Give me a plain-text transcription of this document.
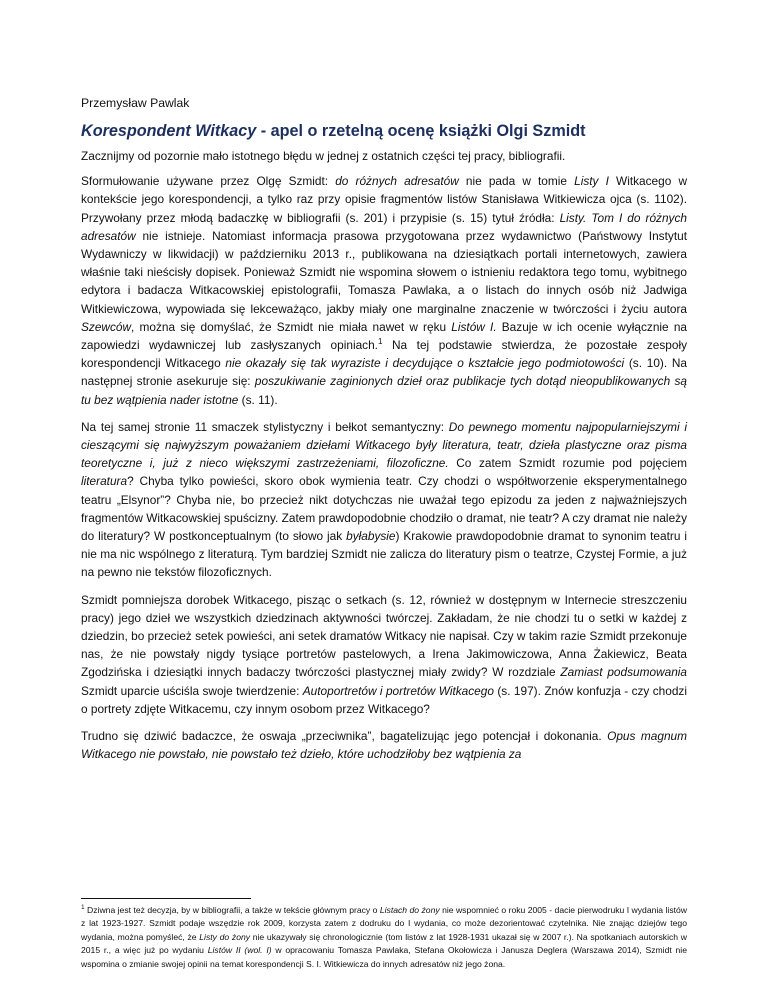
Przemysław Pawlak
Korespondent Witkacy - apel o rzetelną ocenę książki Olgi Szmidt

Zacznijmy od pozornie mało istotnego błędu w jednej z ostatnich części tej pracy, bibliografii.

Sformułowanie używane przez Olgę Szmidt: do różnych adresatów nie pada w tomie Listy I Witkacego w kontekście jego korespondencji, a tylko raz przy opisie fragmentów listów Stanisława Witkiewicza ojca (s. 1102). Przywołany przez młodą badaczkę w bibliografii (s. 201) i przypisie (s. 15) tytuł źródła: Listy. Tom I do różnych adresatów nie istnieje. Natomiast informacja prasowa przygotowana przez wydawnictwo (Państwowy Instytut Wydawniczy w likwidacji) w październiku 2013 r., publikowana na dziesiątkach portali internetowych, zawiera właśnie taki nieścisły dopisek. Ponieważ Szmidt nie wspomina słowem o istnieniu redaktora tego tomu, wybitnego edytora i badacza Witkacowskiej epistolografii, Tomasza Pawlaka, a o listach do innych osób niż Jadwiga Witkiewiczowa, wypowiada się lekceważąco, jakby miały one marginalne znaczenie w twórczości i życiu autora Szewców, można się domyślać, że Szmidt nie miała nawet w ręku Listów I. Bazuje w ich ocenie wyłącznie na zapowiedzi wydawniczej lub zasłyszanych opiniach.$^1$ Na tej podstawie stwierdza, że pozostałe zespoły korespondencji Witkacego nie okazały się tak wyraziste i decydujące o kształcie jego podmiotowości (s. 10). Na następnej stronie asekuruje się: poszukiwanie zaginionych dzieł oraz publikacje tych dotąd nieopublikowanych są tu bez wątpienia nader istotne (s. 11).

Na tej samej stronie 11 smaczek stylistyczny i bełkot semantyczny: Do pewnego momentu najpopularniejszymi i cieszącymi się najwyższym poważaniem dziełami Witkacego były literatura, teatr, dzieła plastyczne oraz pisma teoretyczne i, już z nieco większymi zastrzeżeniami, filozoficzne. Co zatem Szmidt rozumie pod pojęciem literatura? Chyba tylko powieści, skoro obok wymienia teatr. Czy chodzi o współtworzenie eksperymentalnego teatru „Elsynor”? Chyba nie, bo przecież nikt dotychczas nie uważał tego epizodu za jeden z najważniejszych fragmentów Witkacowskiej spuścizny. Zatem prawdopodobnie chodziło o dramat, nie teatr? A czy dramat nie należy do literatury? W postkonceptualnym (to słowo jak byłabysie) Krakowie prawdopodobnie dramat to synonim teatru i nie ma nic wspólnego z literaturą. Tym bardziej Szmidt nie zalicza do literatury pism o teatrze, Czystej Formie, a już na pewno nie tekstów filozoficznych.

Szmidt pomniejsza dorobek Witkacego, pisząc o setkach (s. 12, również w dostępnym w Internecie streszczeniu pracy) jego dzieł we wszystkich dziedzinach aktywności twórczej. Zakładam, że nie chodzi tu o setki w każdej z dziedzin, bo przecież setek powieści, ani setek dramatów Witkacy nie napisał. Czy w takim razie Szmidt przekonuje nas, że nie powstały nigdy tysiące portretów pastelowych, a Irena Jakimowiczowa, Anna Żakiewicz, Beata Zgodzińska i dziesiątki innych badaczy twórczości plastycznej miały zwidy? W rozdziale Zamiast podsumowania Szmidt uparcie uściśla swoje twierdzenie: Autoportretów i portretów Witkacego (s. 197). Znów konfuzja - czy chodzi o portrety zdjęte Witkacemu, czy innym osobom przez Witkacego?

Trudno się dziwić badaczce, że oswaja „przeciwnika”, bagatelizując jego potencjał i dokonania. Opus magnum Witkacego nie powstało, nie powstało też dzieło, które uchodziłoby bez wątpienia za

$^1$ Dziwna jest też decyzja, by w bibliografii, a także w tekście głównym pracy o Listach do żony nie wspomnieć o roku 2005 - dacie pierwodruku I wydania listów z lat 1923-1927. Szmidt podaje wszędzie rok 2009, korzysta zatem z dodruku do I wydania, co może dezorientować czytelnika. Nie znając dziejów tego wydania, można pomyśleć, że Listy do żony nie ukazywały się chronologicznie (tom listów z lat 1928-1931 ukazał się w 2007 r.). Na spotkaniach autorskich w 2015 r., a więc już po wydaniu Listów II (wol. I) w opracowaniu Tomasza Pawlaka, Stefana Okołowicza i Janusza Deglera (Warszawa 2014), Szmidt nie wspomina o zmianie swojej opinii na temat korespondencji S. I. Witkiewicza do innych adresatów niż jego żona.
